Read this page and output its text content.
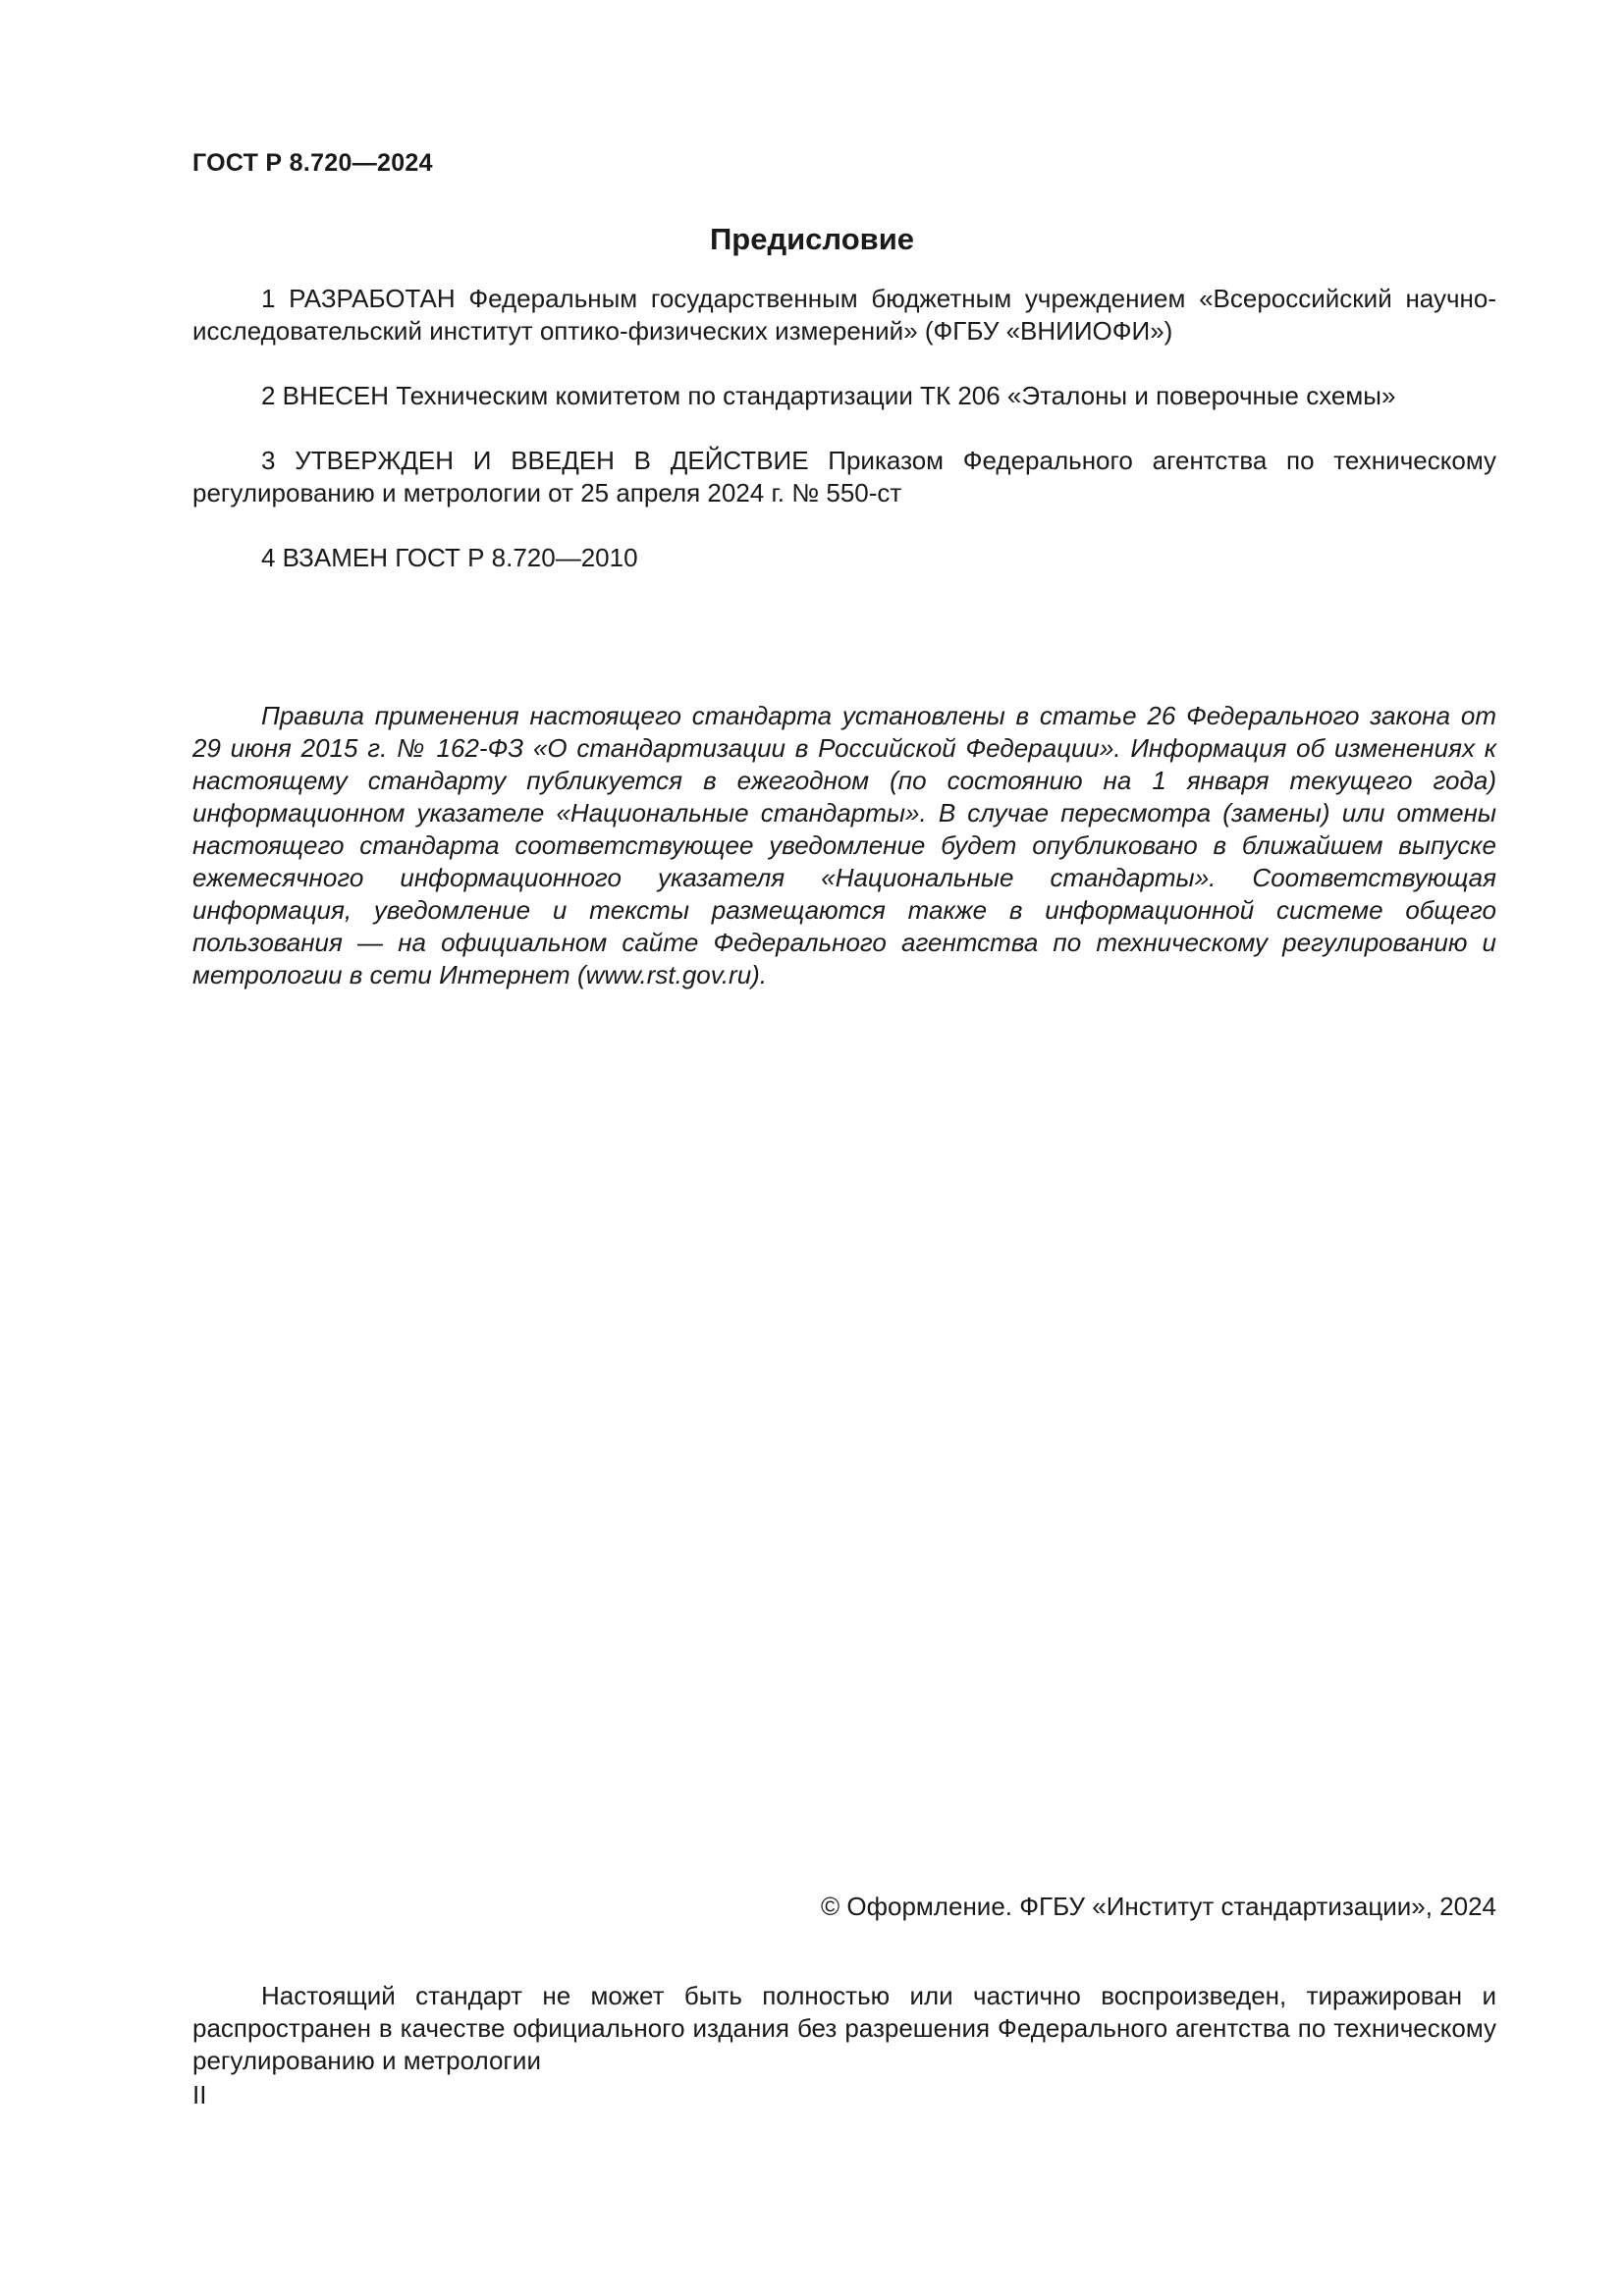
ГОСТ Р 8.720—2024
Предисловие

1 РАЗРАБОТАН Федеральным государственным бюджетным учреждением «Всероссийский научно-исследовательский институт оптико-физических измерений» (ФГБУ «ВНИИОФИ»)

2 ВНЕСЕН Техническим комитетом по стандартизации ТК 206 «Эталоны и поверочные схемы»

3 УТВЕРЖДЕН И ВВЕДЕН В ДЕЙСТВИЕ Приказом Федерального агентства по техническому регулированию и метрологии от 25 апреля 2024 г. № 550-ст

4 ВЗАМЕН ГОСТ Р 8.720—2010

Правила применения настоящего стандарта установлены в статье 26 Федерального закона от 29 июня 2015 г. № 162-ФЗ «О стандартизации в Российской Федерации». Информация об изменениях к настоящему стандарту публикуется в ежегодном (по состоянию на 1 января текущего года) информационном указателе «Национальные стандарты». В случае пересмотра (замены) или отмены настоящего стандарта соответствующее уведомление будет опубликовано в ближайшем выпуске ежемесячного информационного указателя «Национальные стандарты». Соответствующая информация, уведомление и тексты размещаются также в информационной системе общего пользования — на официальном сайте Федерального агентства по техническому регулированию и метрологии в сети Интернет (www.rst.gov.ru).

© Оформление. ФГБУ «Институт стандартизации», 2024

Настоящий стандарт не может быть полностью или частично воспроизведен, тиражирован и распространен в качестве официального издания без разрешения Федерального агентства по техническому регулированию и метрологии

II
